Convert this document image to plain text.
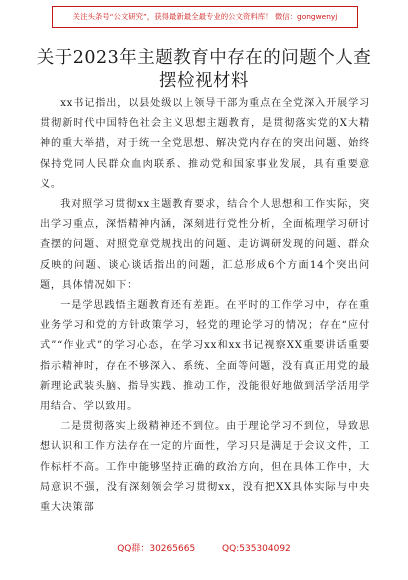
关注头条号“公文研究”，获得最新最全最专业的公文资料库！ 微信：gongwenyj
关于2023年主题教育中存在的问题个人查
摆检视材料

xx书记指出，以县处级以上领导干部为重点在全党深入开展学习贯彻新时代中国特色社会主义思想主题教育，是贯彻落实党的X大精神的重大举措，对于统一全党思想、解决党内存在的突出问题、始终保持党同人民群众血肉联系、推动党和国家事业发展，具有重要意义。

我对照学习贯彻xx主题教育要求，结合个人思想和工作实际，突出学习重点，深悟精神内涵，深刻进行党性分析，全面梳理学习研讨查摆的问题、对照党章党规找出的问题、走访调研发现的问题、群众反映的问题、谈心谈话指出的问题，汇总形成6个方面14个突出问题，具体情况如下：

一是学思践悟主题教育还有差距。在平时的工作学习中，存在重业务学习和党的方针政策学习，轻党的理论学习的情况；存在“应付式”“作业式”的学习心态，在学习xx和xx书记视察XX重要讲话重要指示精神时，存在不够深入、系统、全面等问题，没有真正用党的最新理论武装头脑、指导实践、推动工作，没能很好地做到活学活用学用结合、学以致用。

二是贯彻落实上级精神还不到位。由于理论学习不到位，导致思想认识和工作方法存在一定的片面性，学习只是满足于会议文件，工作标杆不高。工作中能够坚持正确的政治方向，但在具体工作中，大局意识不强，没有深刻领会学习贯彻xx，没有把XX具体实际与中央重大决策部

QQ群：30265665	QQ:535304092
